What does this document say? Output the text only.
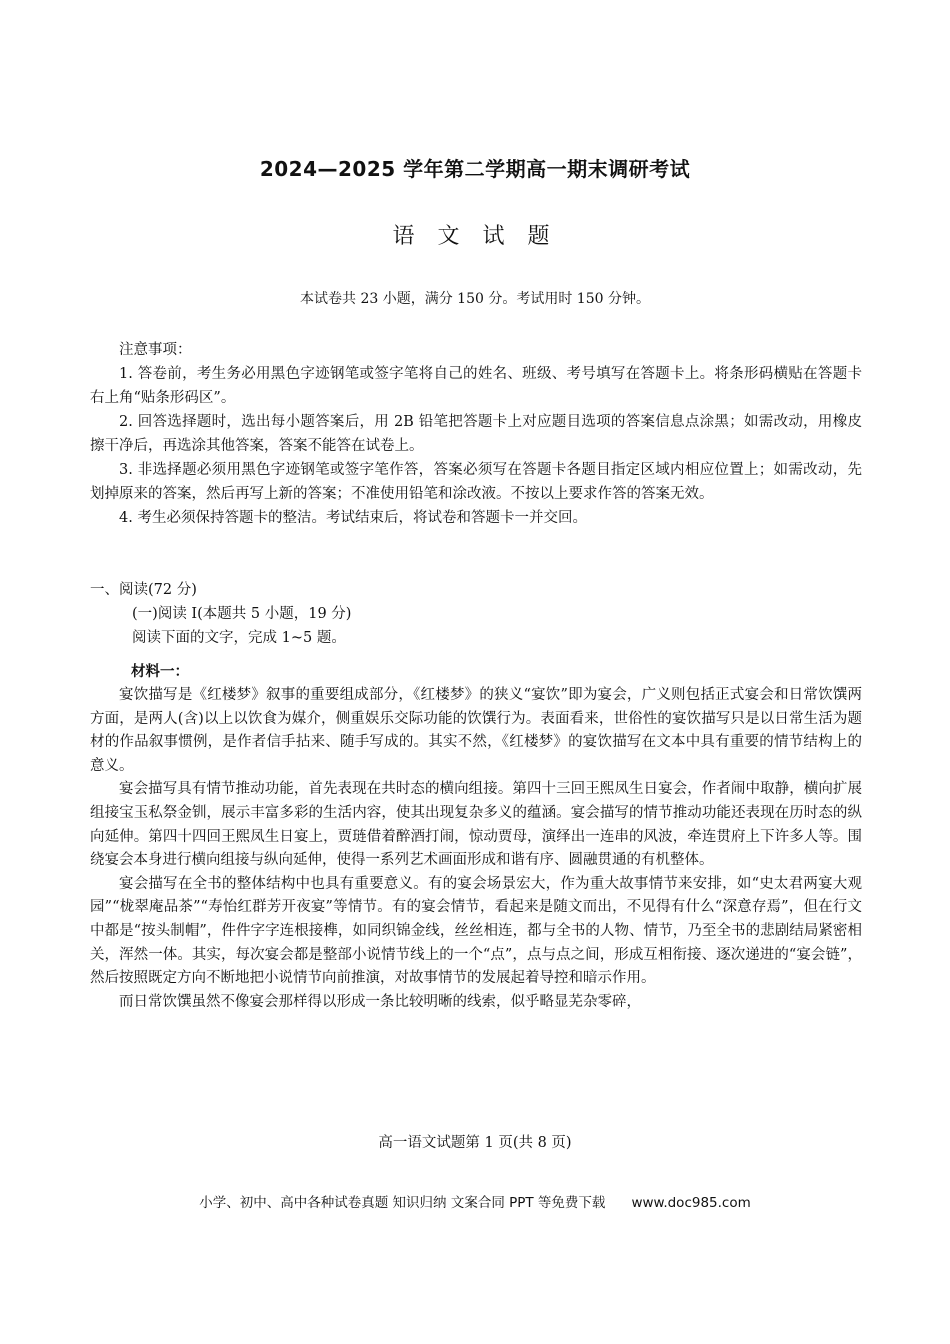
2024—2025 学年第二学期高一期末调研考试
语 文 试 题
本试卷共 23 小题，满分 150 分。考试用时 150 分钟。

注意事项：

1. 答卷前，考生务必用黑色字迹钢笔或签字笔将自己的姓名、班级、考号填写在答题卡上。将条形码横贴在答题卡右上角“贴条形码区”。

2. 回答选择题时，选出每小题答案后，用 2B 铅笔把答题卡上对应题目选项的答案信息点涂黑；如需改动，用橡皮擦干净后，再选涂其他答案，答案不能答在试卷上。

3. 非选择题必须用黑色字迹钢笔或签字笔作答，答案必须写在答题卡各题目指定区域内相应位置上；如需改动，先划掉原来的答案，然后再写上新的答案；不准使用铅笔和涂改液。不按以上要求作答的答案无效。

4. 考生必须保持答题卡的整洁。考试结束后，将试卷和答题卡一并交回。

一、阅读(72 分)

(一)阅读 I(本题共 5 小题，19 分)

阅读下面的文字，完成 1~5 题。

材料一：

宴饮描写是《红楼梦》叙事的重要组成部分，《红楼梦》的狭义“宴饮”即为宴会，广义则包括正式宴会和日常饮馔两方面，是两人(含)以上以饮食为媒介，侧重娱乐交际功能的饮馔行为。表面看来，世俗性的宴饮描写只是以日常生活为题材的作品叙事惯例，是作者信手拈来、随手写成的。其实不然，《红楼梦》的宴饮描写在文本中具有重要的情节结构上的意义。

宴会描写具有情节推动功能，首先表现在共时态的横向组接。第四十三回王熙凤生日宴会，作者闹中取静，横向扩展组接宝玉私祭金钏，展示丰富多彩的生活内容，使其出现复杂多义的蕴涵。宴会描写的情节推动功能还表现在历时态的纵向延伸。第四十四回王熙凤生日宴上，贾琏借着醉酒打闹，惊动贾母，演绎出一连串的风波，牵连贯府上下许多人等。围绕宴会本身进行横向组接与纵向延伸，使得一系列艺术画面形成和谐有序、圆融贯通的有机整体。

宴会描写在全书的整体结构中也具有重要意义。有的宴会场景宏大，作为重大故事情节来安排，如“史太君两宴大观园”“栊翠庵品茶”“寿怡红群芳开夜宴”等情节。有的宴会情节，看起来是随文而出，不见得有什么“深意存焉”，但在行文中都是“按头制帽”，件件字字连根接榫，如同织锦金线，丝丝相连，都与全书的人物、情节，乃至全书的悲剧结局紧密相关，浑然一体。其实，每次宴会都是整部小说情节线上的一个“点”，点与点之间，形成互相衔接、逐次递进的“宴会链”，然后按照既定方向不断地把小说情节向前推演，对故事情节的发展起着导控和暗示作用。

而日常饮馔虽然不像宴会那样得以形成一条比较明晰的线索，似乎略显芜杂零碎，

高一语文试题第 1 页(共 8 页)
小学、初中、高中各种试卷真题 知识归纳 文案合同 PPT 等免费下载 www.doc985.com
